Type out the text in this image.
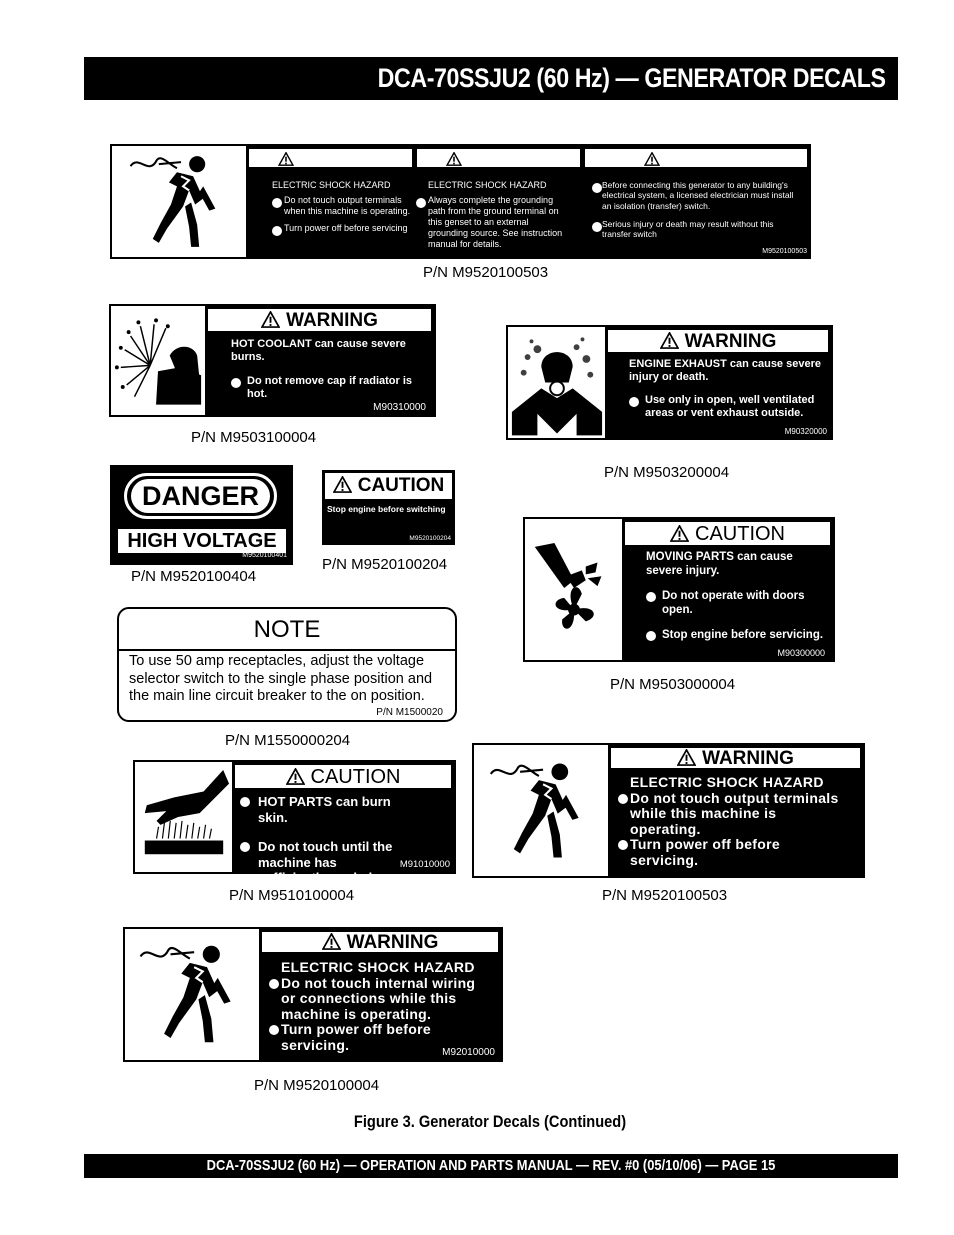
DCA-70SSJU2 (60 Hz) — GENERATOR DECALS
WARNING	WARNING	WARNING
ELECTRIC SHOCK HAZARD
Do not touch output terminals when this machine is operating.
Turn power off before servicing
ELECTRIC SHOCK HAZARD
Always complete the grounding path from the ground terminal on this genset to an external grounding source. See instruction manual for details.
Before connecting this generator to any building's electrical system, a licensed electrician must install an isolation (transfer) switch.
Serious injury or death may result without this transfer switch
M9520100503
P/N M9520100503
WARNING
HOT COOLANT can cause severe burns.
Do not remove cap if radiator is hot.
M90310000
P/N M9503100004
WARNING
ENGINE EXHAUST can cause severe injury or death.
Use only in open, well ventilated areas or vent exhaust outside.
M90320000
P/N M9503200004
DANGER
HIGH VOLTAGE
M9520100401
P/N M9520100404
CAUTION
Stop engine before switching
M9520100204
P/N M9520100204
CAUTION
MOVING PARTS can cause severe injury.
Do not operate with doors open.
Stop engine before servicing.
M90300000
P/N M9503000004
NOTE
To use 50 amp receptacles, adjust the voltage selector switch to the single phase position and the main line circuit breaker to the on position.
P/N M1500020
P/N M1550000204
CAUTION
HOT PARTS can burn skin.
Do not touch until the machine has sufficiently cooled.
M91010000
P/N M9510100004
WARNING
ELECTRIC SHOCK HAZARD
Do not touch output terminals while this machine is operating.
Turn power off before servicing.
P/N M9520100503
WARNING
ELECTRIC SHOCK HAZARD
Do not touch internal wiring or connections while this machine is operating.
Turn power off before servicing.	M92010000
P/N M9520100004
Figure 3. Generator Decals (Continued)
DCA-70SSJU2 (60 Hz) — OPERATION AND PARTS MANUAL — REV. #0 (05/10/06) — PAGE 15
